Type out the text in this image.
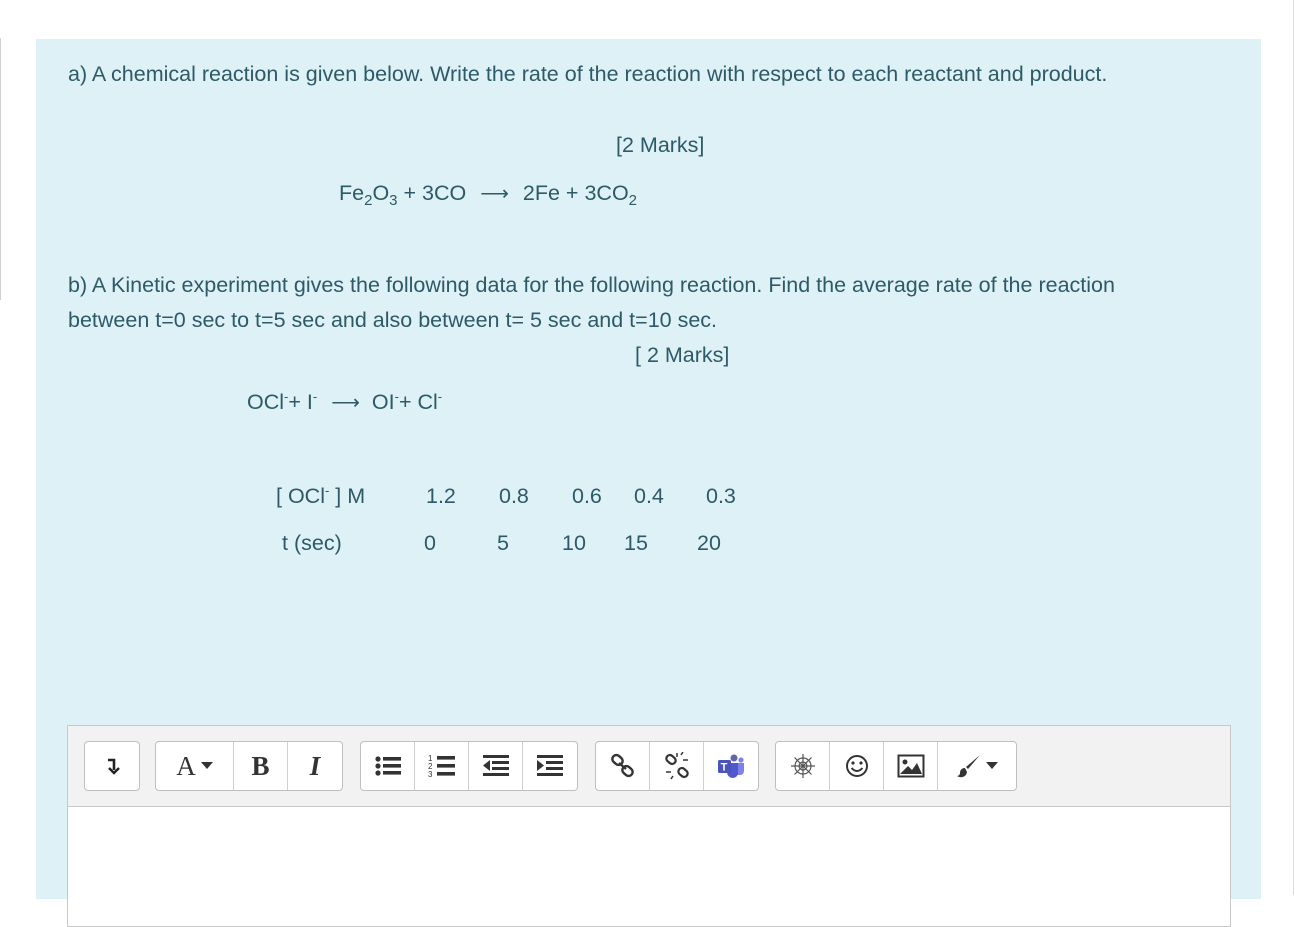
a) A chemical reaction is given below. Write the rate of the reaction with respect to each reactant and product.
[2 Marks]
$Fe_2O_3 + 3CO$ ⟶ $2Fe + 3CO_2$
b) A Kinetic experiment gives the following data for the following reaction. Find the average rate of the reaction
between t=0 sec to t=5 sec and also between t= 5 sec and t=10 sec.
[ 2 Marks]
OCl-+ I- ⟶ OI-+ Cl-
[ OCl- ] M	1.2 0.8 0.6 0.4 0.3
t (sec)	0	5 10 15 20
A B I	1
2
3
T
